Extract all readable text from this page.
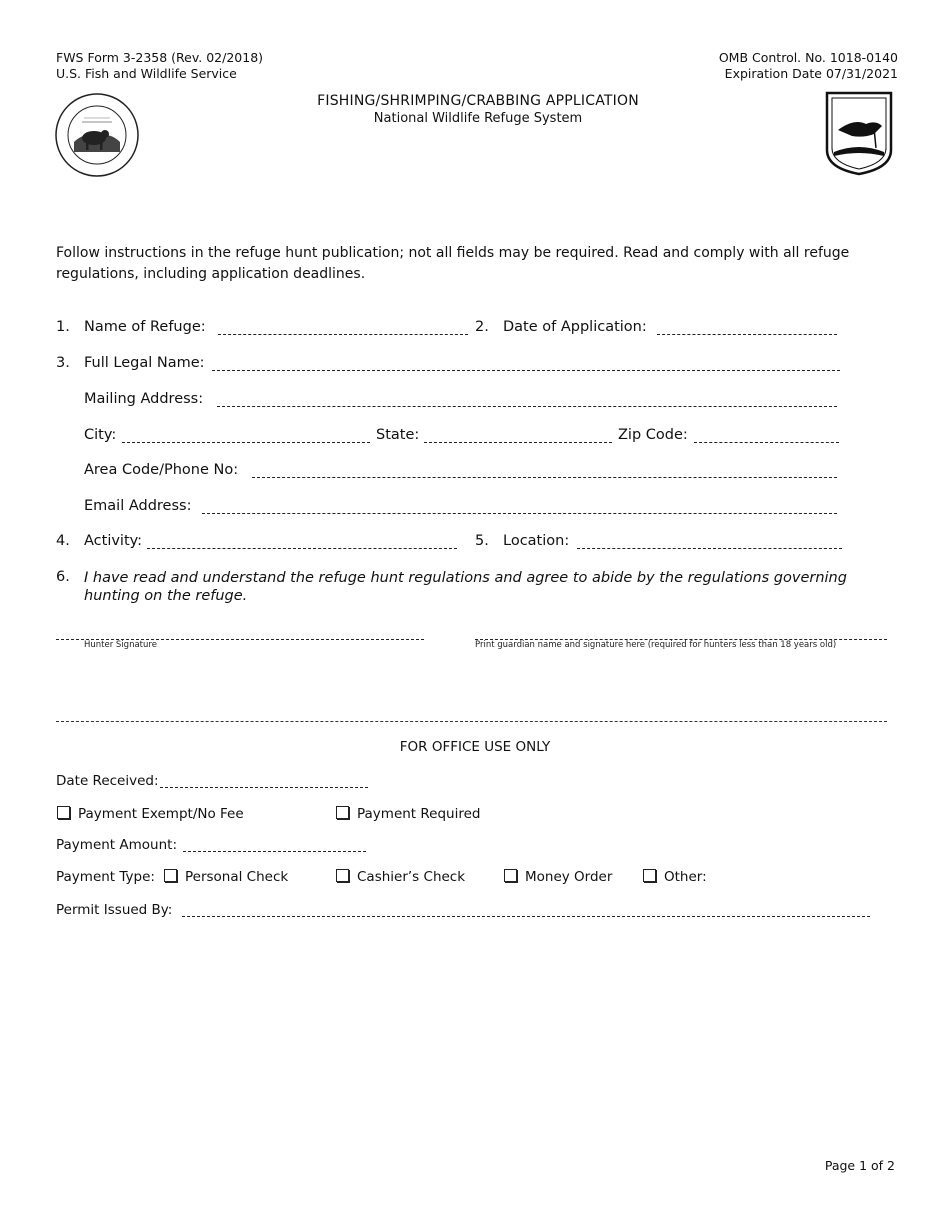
FWS Form 3-2358 (Rev. 02/2018)
U.S. Fish and Wildlife Service
OMB Control. No. 1018-0140
Expiration Date 07/31/2021
FISHING/SHRIMPING/CRABBING APPLICATION
National Wildlife Refuge System
Follow instructions in the refuge hunt publication; not all fields may be required. Read and comply with all refuge regulations, including application deadlines.
1. Name of Refuge:	2. Date of Application:
3. Full Legal Name:
Mailing Address:
City:	State:	Zip Code:
Area Code/Phone No:
Email Address:
4. Activity:	5. Location:
6. I have read and understand the refuge hunt regulations and agree to abide by the regulations governing hunting on the refuge.
Hunter Signature	Print guardian name and signature here (required for hunters less than 18 years old)
FOR OFFICE USE ONLY
Date Received:
Payment Exempt/No Fee	Payment Required
Payment Amount:
Payment Type:	Personal Check	Cashier’s Check	Money Order	Other:
Permit Issued By:
Page 1 of 2
